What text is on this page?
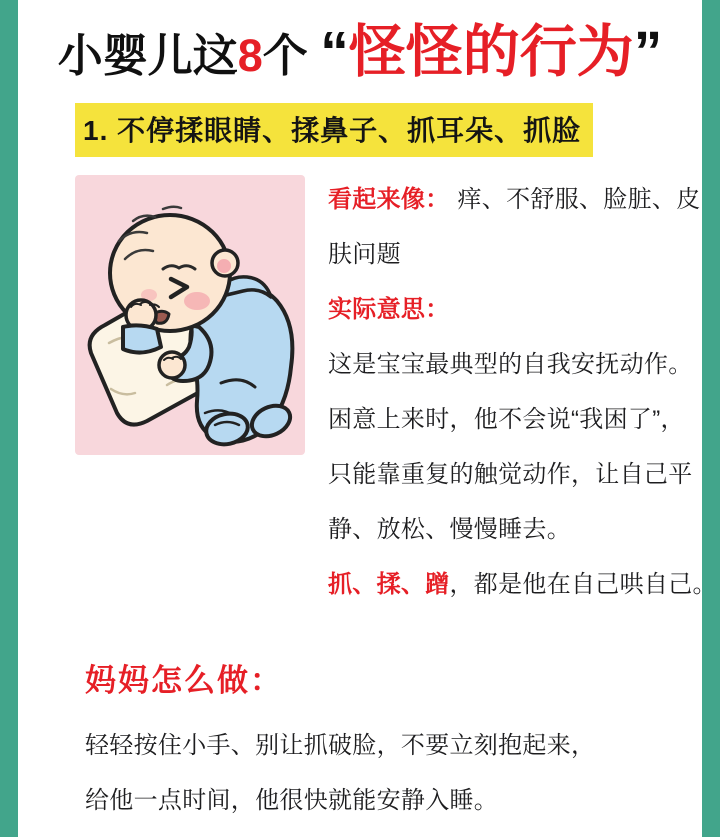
小婴儿这8个 “怪怪的行为”
1. 不停揉眼睛、揉鼻子、抓耳朵、抓脸
看起来像： 痒、不舒服、脸脏、皮
肤问题
实际意思：
这是宝宝最典型的自我安抚动作。
困意上来时，他不会说“我困了”，
只能靠重复的触觉动作，让自己平
静、放松、慢慢睡去。
抓、揉、蹭，都是他在自己哄自己。
妈妈怎么做：
轻轻按住小手、别让抓破脸，不要立刻抱起来，
给他一点时间，他很快就能安静入睡。
